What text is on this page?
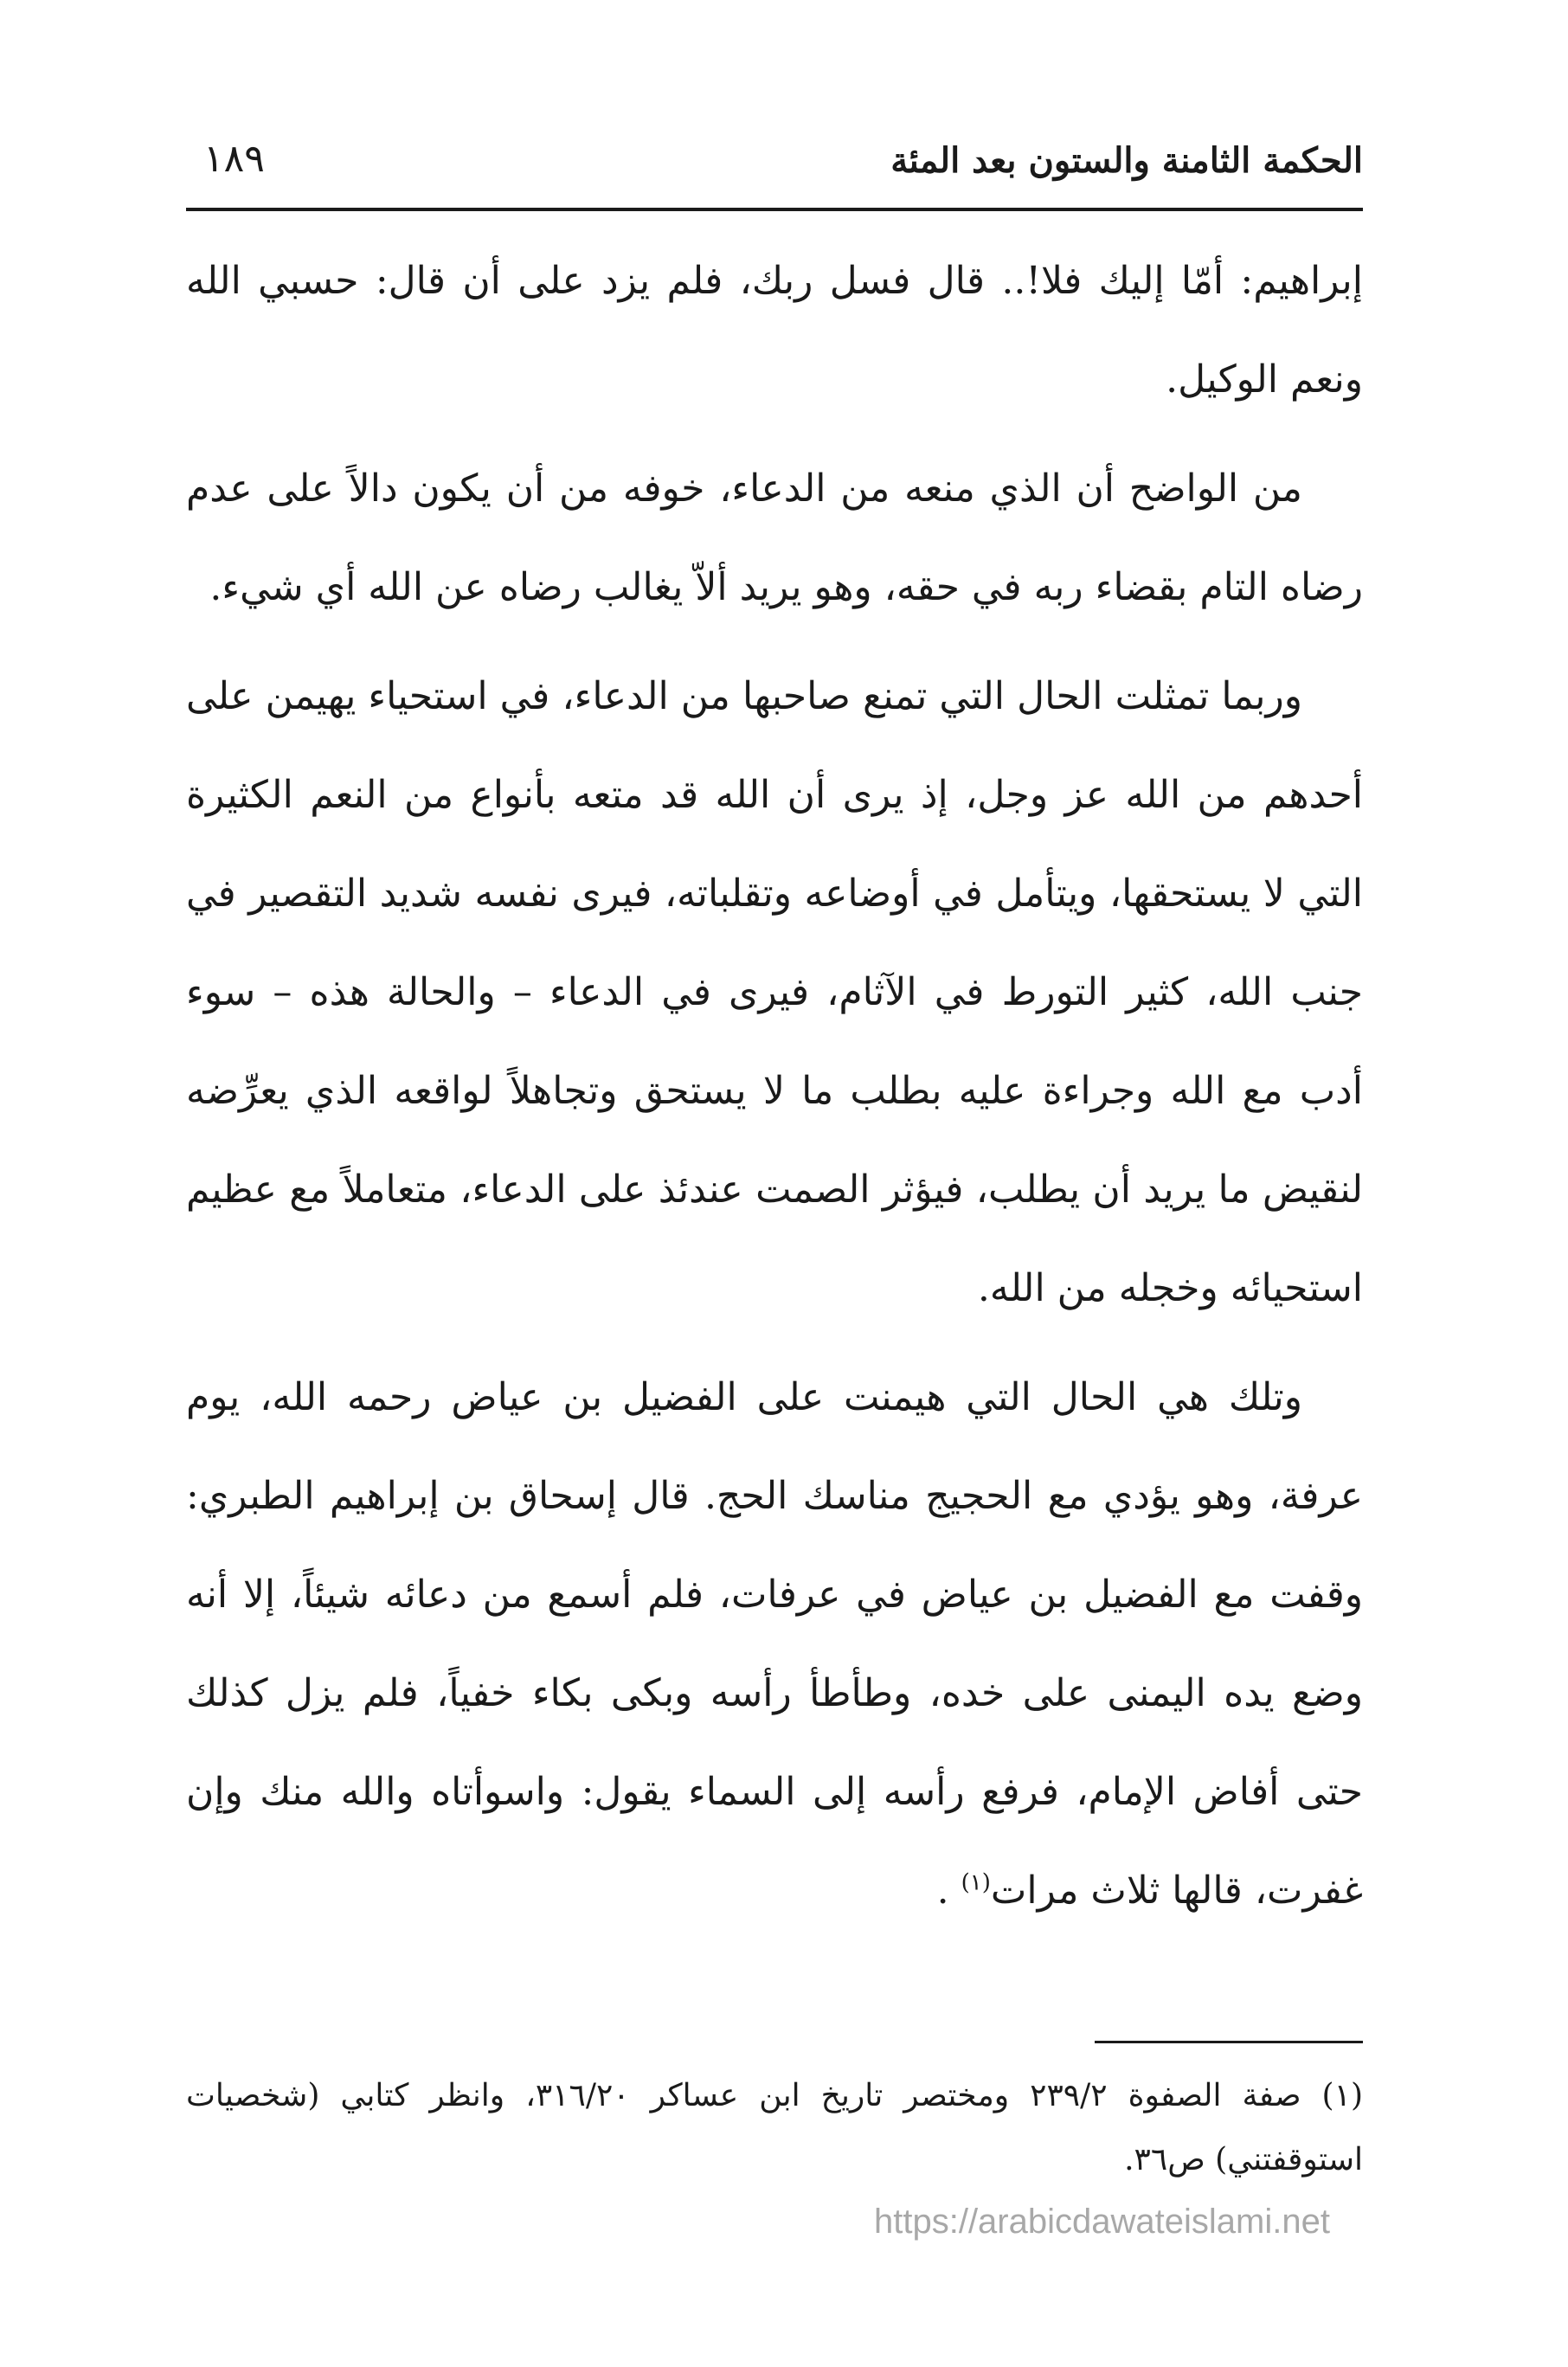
الحكمة الثامنة والستون بعد المئة
١٨٩

إبراهيم: أمّا إليك فلا!.. قال فسل ربك، فلم يزد على أن قال: حسبي الله ونعم الوكيل.

من الواضح أن الذي منعه من الدعاء، خوفه من أن يكون دالاً على عدم رضاه التام بقضاء ربه في حقه، وهو يريد ألاّ يغالب رضاه عن الله أي شيء.

وربما تمثلت الحال التي تمنع صاحبها من الدعاء، في استحياء يهيمن على أحدهم من الله عز وجل، إذ يرى أن الله قد متعه بأنواع من النعم الكثيرة التي لا يستحقها، ويتأمل في أوضاعه وتقلباته، فيرى نفسه شديد التقصير في جنب الله، كثير التورط في الآثام، فيرى في الدعاء – والحالة هذه – سوء أدب مع الله وجراءة عليه بطلب ما لا يستحق وتجاهلاً لواقعه الذي يعرِّضه لنقيض ما يريد أن يطلب، فيؤثر الصمت عندئذ على الدعاء، متعاملاً مع عظيم استحيائه وخجله من الله.

وتلك هي الحال التي هيمنت على الفضيل بن عياض رحمه الله، يوم عرفة، وهو يؤدي مع الحجيج مناسك الحج. قال إسحاق بن إبراهيم الطبري: وقفت مع الفضيل بن عياض في عرفات، فلم أسمع من دعائه شيئاً، إلا أنه وضع يده اليمنى على خده، وطأطأ رأسه وبكى بكاء خفياً، فلم يزل كذلك حتى أفاض الإمام، فرفع رأسه إلى السماء يقول: واسوأتاه والله منك وإن غفرت، قالها ثلاث مرات$^{(١)}$ .

(١) صفة الصفوة ٢٣٩/٢ ومختصر تاريخ ابن عساكر ٣١٦/٢٠، وانظر كتابي (شخصيات استوقفتني) ص٣٦.
https://arabicdawateislami.net
